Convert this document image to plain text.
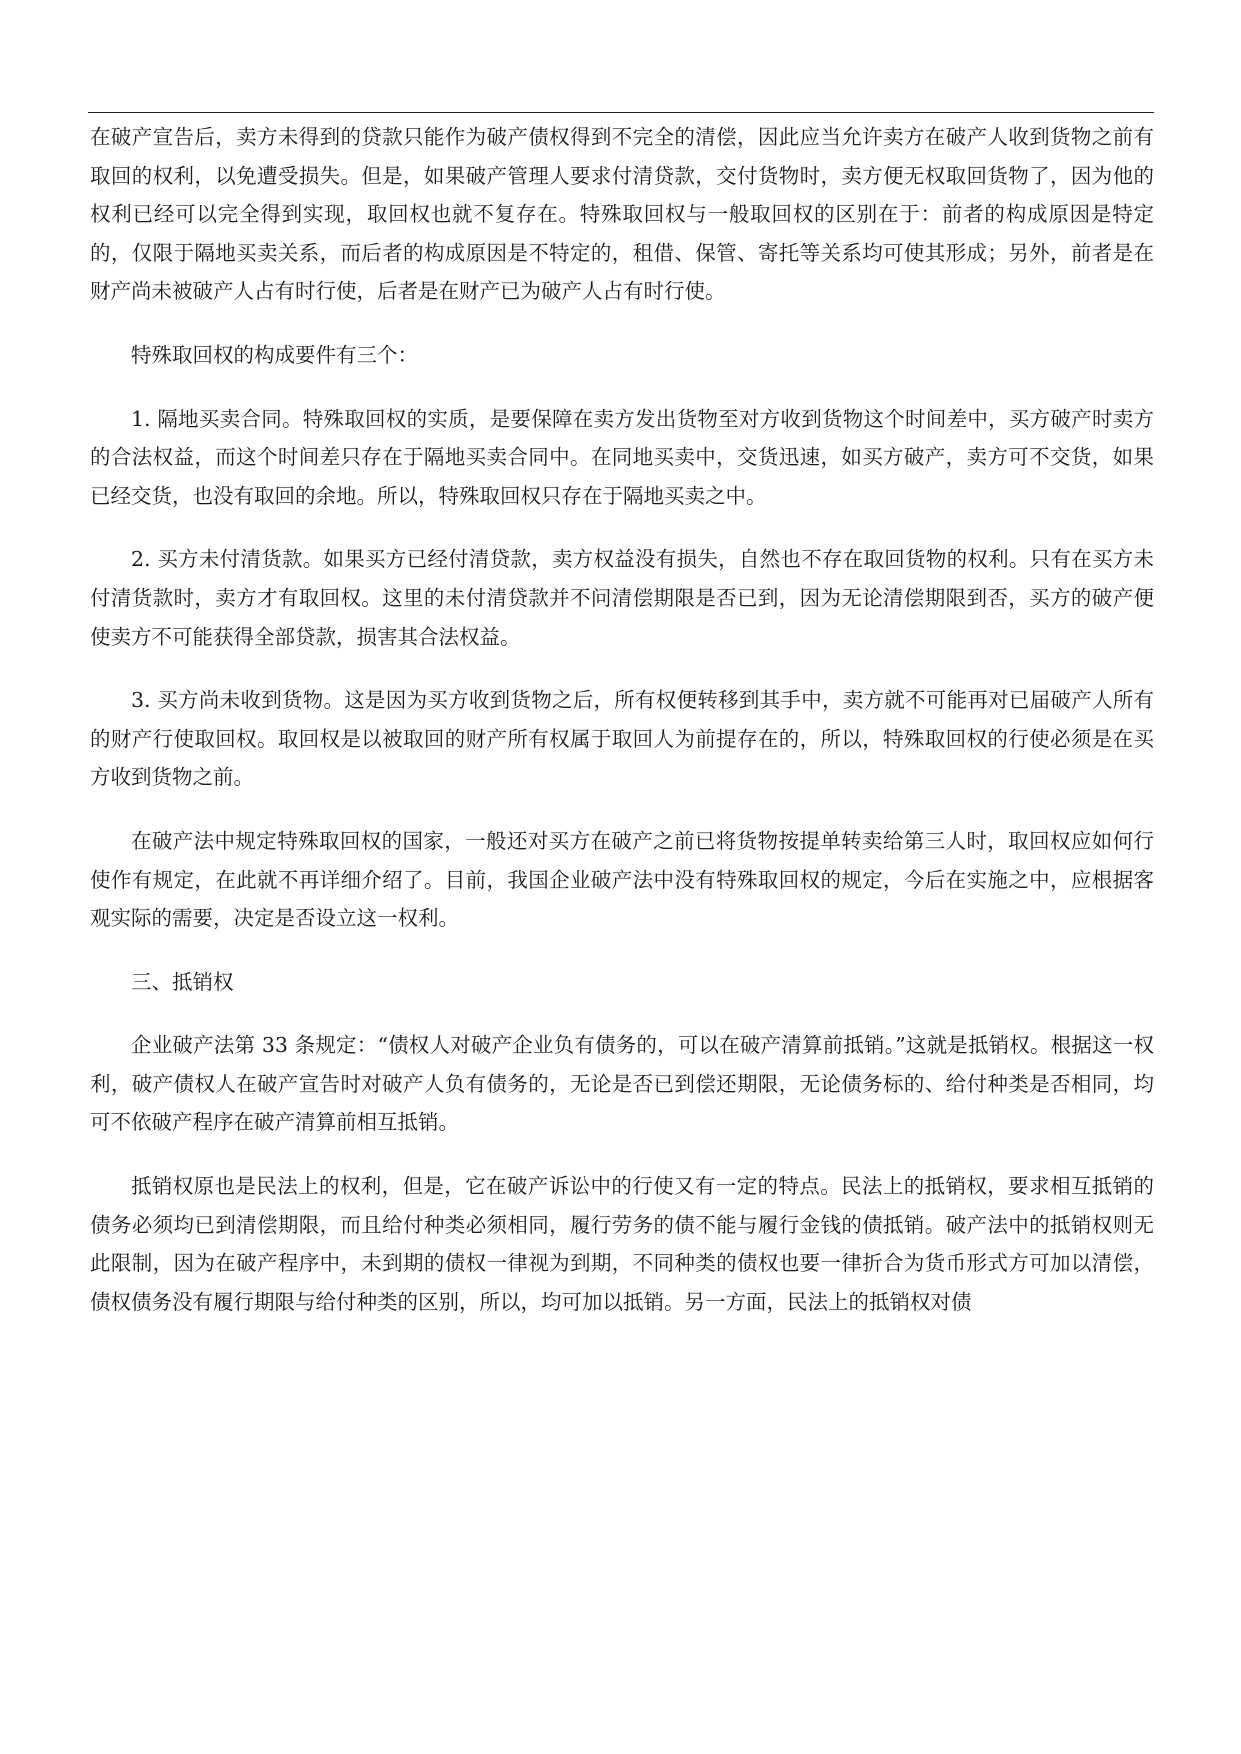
在破产宣告后，卖方未得到的贷款只能作为破产债权得到不完全的清偿，因此应当允许卖方在破产人收到货物之前有取回的权利，以免遭受损失。但是，如果破产管理人要求付清贷款，交付货物时，卖方便无权取回货物了，因为他的权利已经可以完全得到实现，取回权也就不复存在。特殊取回权与一般取回权的区别在于：前者的构成原因是特定的，仅限于隔地买卖关系，而后者的构成原因是不特定的，租借、保管、寄托等关系均可使其形成；另外，前者是在财产尚未被破产人占有时行使，后者是在财产已为破产人占有时行使。

特殊取回权的构成要件有三个：

1. 隔地买卖合同。特殊取回权的实质，是要保障在卖方发出货物至对方收到货物这个时间差中，买方破产时卖方的合法权益，而这个时间差只存在于隔地买卖合同中。在同地买卖中，交货迅速，如买方破产，卖方可不交货，如果已经交货，也没有取回的余地。所以，特殊取回权只存在于隔地买卖之中。

2. 买方未付清货款。如果买方已经付清贷款，卖方权益没有损失，自然也不存在取回货物的权利。只有在买方未付清货款时，卖方才有取回权。这里的未付清贷款并不问清偿期限是否已到，因为无论清偿期限到否，买方的破产便使卖方不可能获得全部贷款，损害其合法权益。

3. 买方尚未收到货物。这是因为买方收到货物之后，所有权便转移到其手中，卖方就不可能再对已届破产人所有的财产行使取回权。取回权是以被取回的财产所有权属于取回人为前提存在的，所以，特殊取回权的行使必须是在买方收到货物之前。

在破产法中规定特殊取回权的国家，一般还对买方在破产之前已将货物按提单转卖给第三人时，取回权应如何行使作有规定，在此就不再详细介绍了。目前，我国企业破产法中没有特殊取回权的规定，今后在实施之中，应根据客观实际的需要，决定是否设立这一权利。

三、抵销权

企业破产法第 33 条规定：“债权人对破产企业负有债务的，可以在破产清算前抵销。”这就是抵销权。根据这一权利，破产债权人在破产宣告时对破产人负有债务的，无论是否已到偿还期限，无论债务标的、给付种类是否相同，均可不依破产程序在破产清算前相互抵销。

抵销权原也是民法上的权利，但是，它在破产诉讼中的行使又有一定的特点。民法上的抵销权，要求相互抵销的债务必须均已到清偿期限，而且给付种类必须相同，履行劳务的债不能与履行金钱的债抵销。破产法中的抵销权则无此限制，因为在破产程序中，未到期的债权一律视为到期，不同种类的债权也要一律折合为货币形式方可加以清偿，债权债务没有履行期限与给付种类的区别，所以，均可加以抵销。另一方面，民法上的抵销权对债
